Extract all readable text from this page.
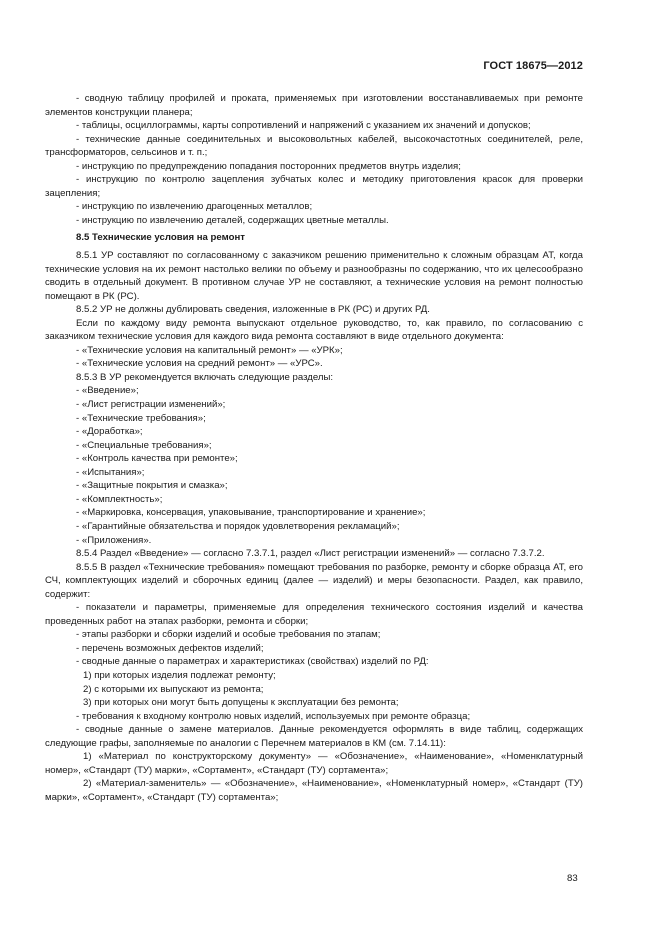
ГОСТ 18675—2012

- сводную таблицу профилей и проката, применяемых при изготовлении восстанавливаемых при ремонте элементов конструкции планера;

- таблицы, осциллограммы, карты сопротивлений и напряжений с указанием их значений и допусков;

- технические данные соединительных и высоковольтных кабелей, высокочастотных соединителей, реле, трансформаторов, сельсинов и т. п.;

- инструкцию по предупреждению попадания посторонних предметов внутрь изделия;

- инструкцию по контролю зацепления зубчатых колес и методику приготовления красок для проверки зацепления;

- инструкцию по извлечению драгоценных металлов;

- инструкцию по извлечению деталей, содержащих цветные металлы.

8.5 Технические условия на ремонт

8.5.1 УР составляют по согласованному с заказчиком решению применительно к сложным образцам АТ, когда технические условия на их ремонт настолько велики по объему и разнообразны по содержанию, что их целесообразно сводить в отдельный документ. В противном случае УР не составляют, а технические условия на ремонт полностью помещают в РК (РС).

8.5.2 УР не должны дублировать сведения, изложенные в РК (РС) и других РД.

Если по каждому виду ремонта выпускают отдельное руководство, то, как правило, по согласованию с заказчиком технические условия для каждого вида ремонта составляют в виде отдельного документа:

- «Технические условия на капитальный ремонт» — «УРК»;

- «Технические условия на средний ремонт» — «УРС».

8.5.3 В УР рекомендуется включать следующие разделы:

- «Введение»;

- «Лист регистрации изменений»;

- «Технические требования»;

- «Доработка»;

- «Специальные требования»;

- «Контроль качества при ремонте»;

- «Испытания»;

- «Защитные покрытия и смазка»;

- «Комплектность»;

- «Маркировка, консервация, упаковывание, транспортирование и хранение»;

- «Гарантийные обязательства и порядок удовлетворения рекламаций»;

- «Приложения».

8.5.4 Раздел «Введение» — согласно 7.3.7.1, раздел «Лист регистрации изменений» — согласно 7.3.7.2.

8.5.5 В раздел «Технические требования» помещают требования по разборке, ремонту и сборке образца АТ, его СЧ, комплектующих изделий и сборочных единиц (далее — изделий) и меры безопасности. Раздел, как правило, содержит:

- показатели и параметры, применяемые для определения технического состояния изделий и качества проведенных работ на этапах разборки, ремонта и сборки;

- этапы разборки и сборки изделий и особые требования по этапам;

- перечень возможных дефектов изделий;

- сводные данные о параметрах и характеристиках (свойствах) изделий по РД:

1) при которых изделия подлежат ремонту;

2) с которыми их выпускают из ремонта;

3) при которых они могут быть допущены к эксплуатации без ремонта;

- требования к входному контролю новых изделий, используемых при ремонте образца;

- сводные данные о замене материалов. Данные рекомендуется оформлять в виде таблиц, содержащих следующие графы, заполняемые по аналогии с Перечнем материалов в КМ (см. 7.14.11):

1) «Материал по конструкторскому документу» — «Обозначение», «Наименование», «Номенклатурный номер», «Стандарт (ТУ) марки», «Сортамент», «Стандарт (ТУ) сортамента»;

2) «Материал-заменитель» — «Обозначение», «Наименование», «Номенклатурный номер», «Стандарт (ТУ) марки», «Сортамент», «Стандарт (ТУ) сортамента»;

83
